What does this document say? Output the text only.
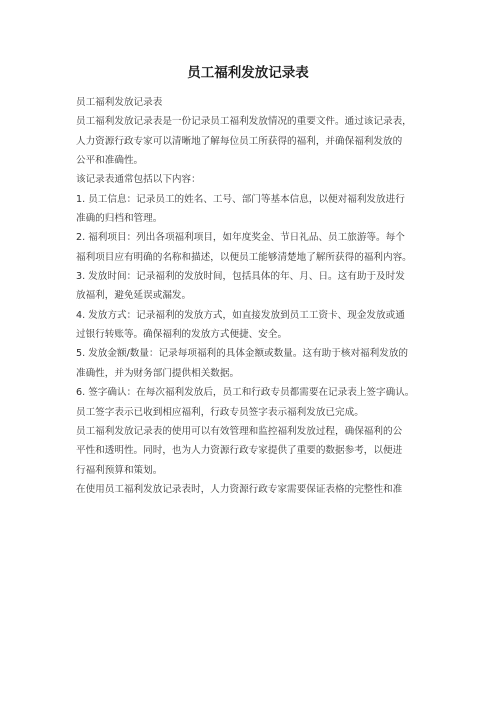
员工福利发放记录表

员工福利发放记录表

员工福利发放记录表是一份记录员工福利发放情况的重要文件。通过该记录表，

人力资源行政专家可以清晰地了解每位员工所获得的福利，并确保福利发放的

公平和准确性。

该记录表通常包括以下内容：

1. 员工信息：记录员工的姓名、工号、部门等基本信息，以便对福利发放进行

准确的归档和管理。

2. 福利项目：列出各项福利项目，如年度奖金、节日礼品、员工旅游等。每个

福利项目应有明确的名称和描述，以便员工能够清楚地了解所获得的福利内容。

3. 发放时间：记录福利的发放时间，包括具体的年、月、日。这有助于及时发

放福利，避免延误或漏发。

4. 发放方式：记录福利的发放方式，如直接发放到员工工资卡、现金发放或通

过银行转账等。确保福利的发放方式便捷、安全。

5. 发放金额/数量：记录每项福利的具体金额或数量。这有助于核对福利发放的

准确性，并为财务部门提供相关数据。

6. 签字确认：在每次福利发放后，员工和行政专员都需要在记录表上签字确认。

员工签字表示已收到相应福利，行政专员签字表示福利发放已完成。

员工福利发放记录表的使用可以有效管理和监控福利发放过程，确保福利的公

平性和透明性。同时，也为人力资源行政专家提供了重要的数据参考，以便进

行福利预算和策划。

在使用员工福利发放记录表时，人力资源行政专家需要保证表格的完整性和准
